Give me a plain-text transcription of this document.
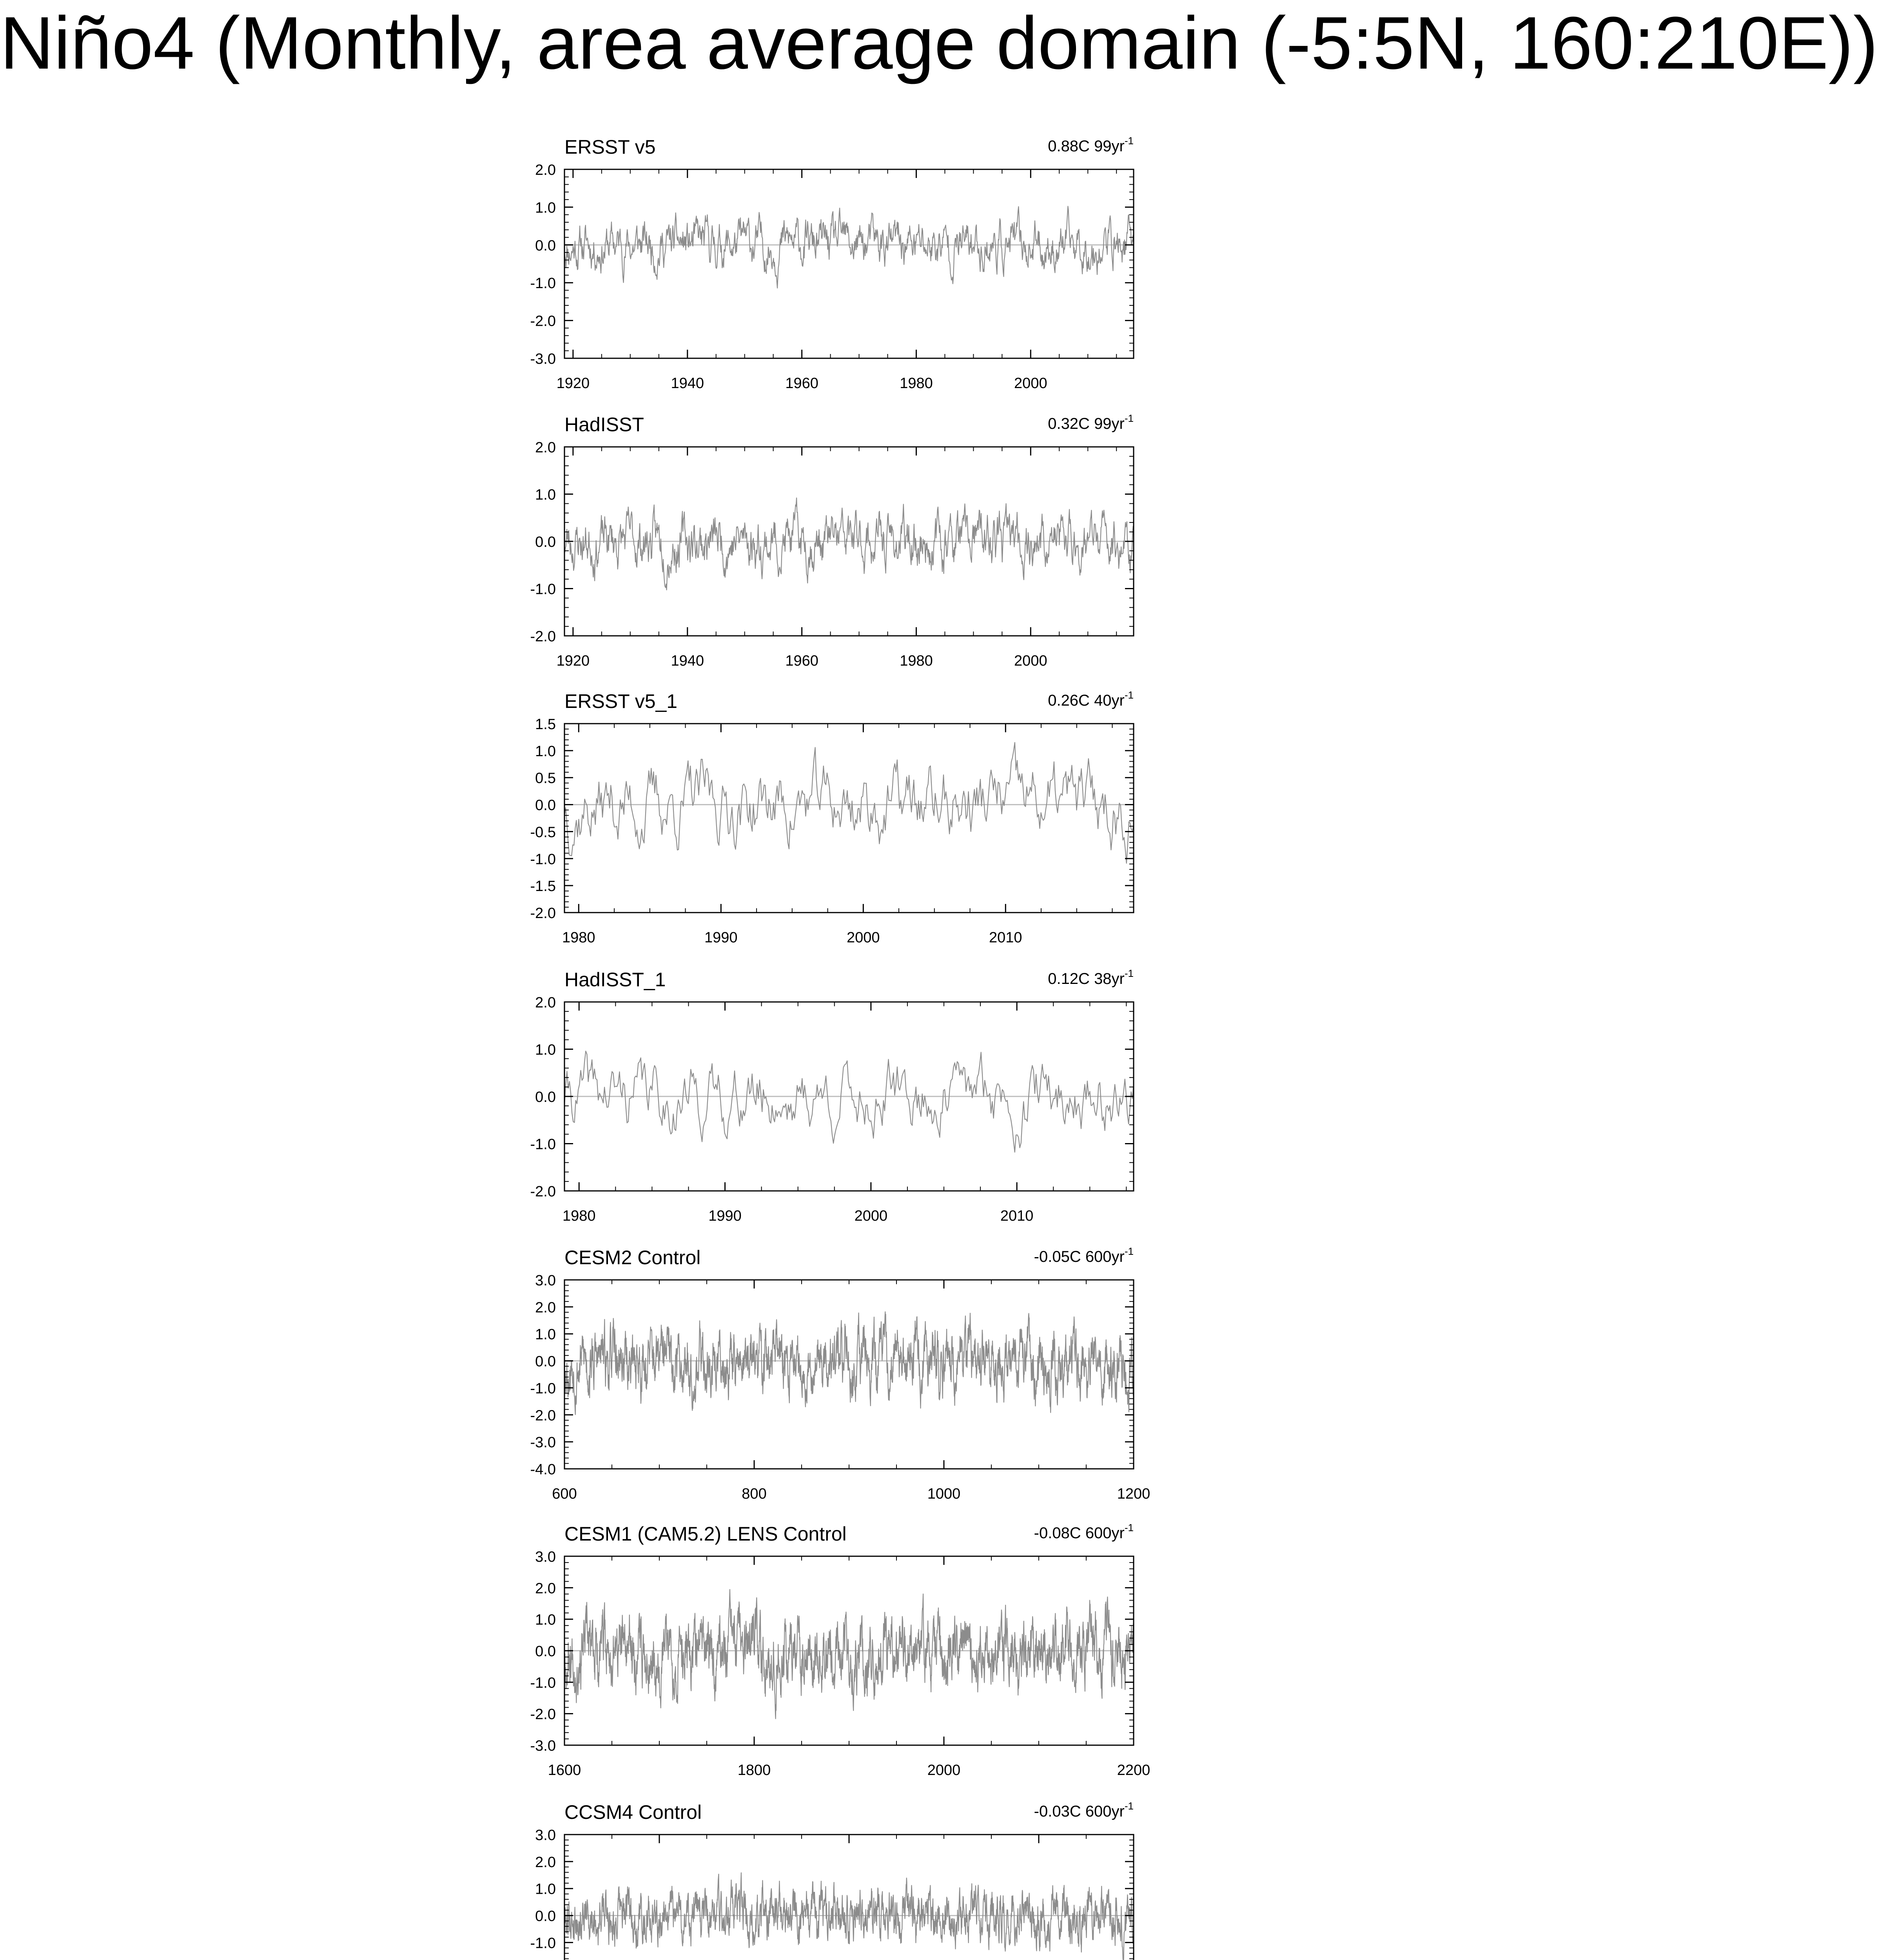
Niño4 (Monthly, area average domain (-5:5N, 160:210E))
ERSST v5	0.88C $99yr^{-1}$
2.0
1.0
0.0
-1.0
-2.0
-3.0
1920	1940	1960	1980	2000
HadISST	0.32C $99yr^{-1}$
2.0
1.0
0.0
-1.0
-2.0
1920	1940	1960	1980	2000
ERSST v5_1	0.26C $40yr^{-1}$
1.5
1.0
0.5
0.0
-0.5
-1.0
-1.5
-2.0
1980	1990	2000	2010
HadISST_1	0.12C $38yr^{-1}$
2.0
1.0
0.0
-1.0
-2.0
1980	1990	2000	2010
CESM2 Control	-0.05C $600yr^{-1}$
3.0
2.0
1.0
0.0
-1.0
-2.0
-3.0
-4.0
600	800	1000	1200
CESM1 (CAM5.2) LENS Control	-0.08C $600yr^{-1}$
3.0
2.0
1.0
0.0
-1.0
-2.0
-3.0
1600	1800	2000	2200
CCSM4 Control	-0.03C $600yr^{-1}$
3.0
2.0
1.0
0.0
-1.0
